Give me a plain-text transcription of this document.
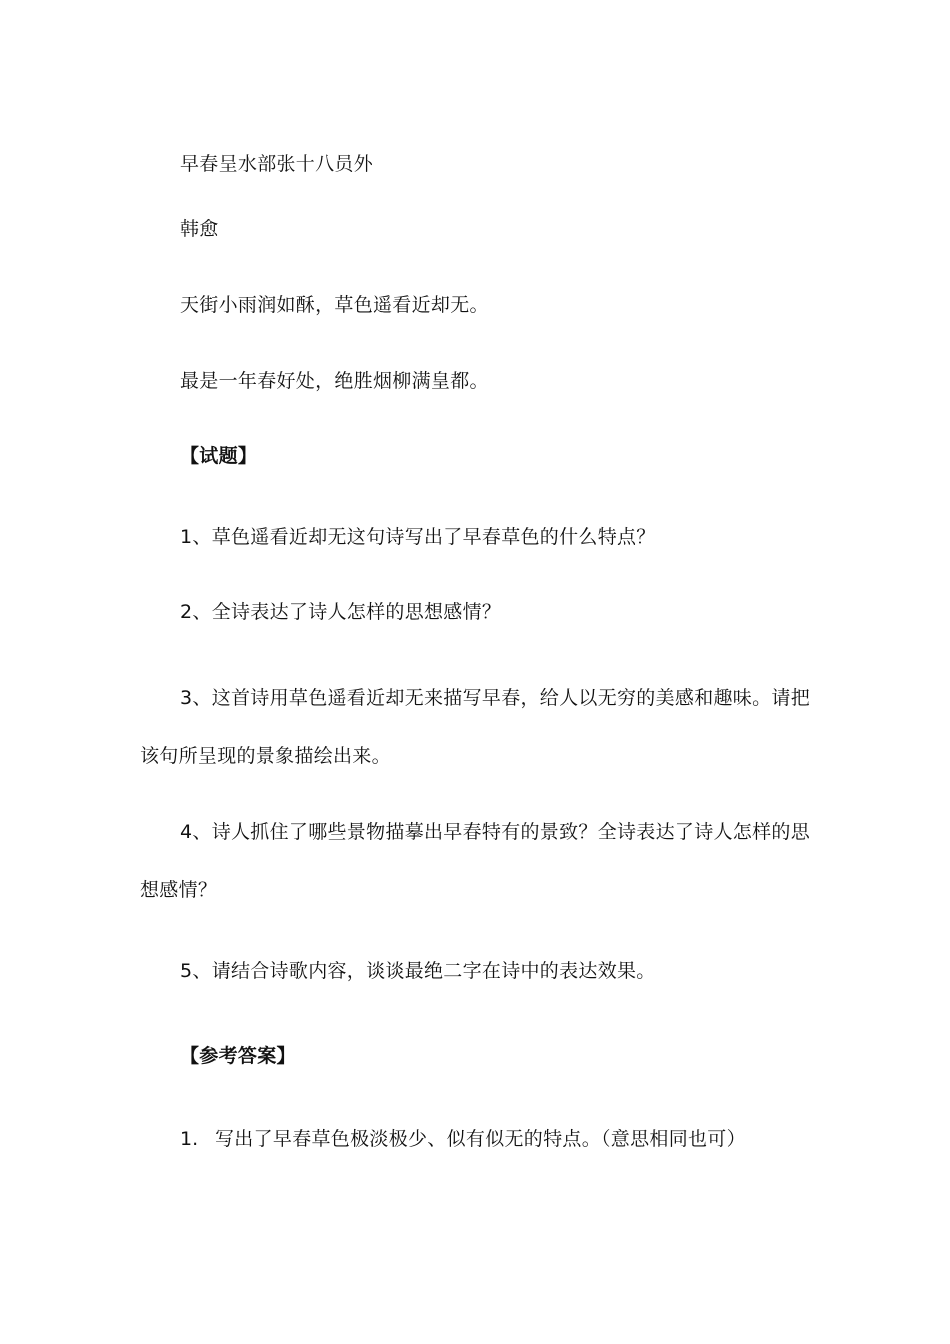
早春呈水部张十八员外
韩愈
天街小雨润如酥，草色遥看近却无。
最是一年春好处，绝胜烟柳满皇都。
【试题】
1、草色遥看近却无这句诗写出了早春草色的什么特点？
2、全诗表达了诗人怎样的思想感情？
3、这首诗用草色遥看近却无来描写早春，给人以无穷的美感和趣味。请把
该句所呈现的景象描绘出来。
4、诗人抓住了哪些景物描摹出早春特有的景致？全诗表达了诗人怎样的思
想感情？
5、请结合诗歌内容，谈谈最绝二字在诗中的表达效果。
【参考答案】
1. 写出了早春草色极淡极少、似有似无的特点。（意思相同也可）
